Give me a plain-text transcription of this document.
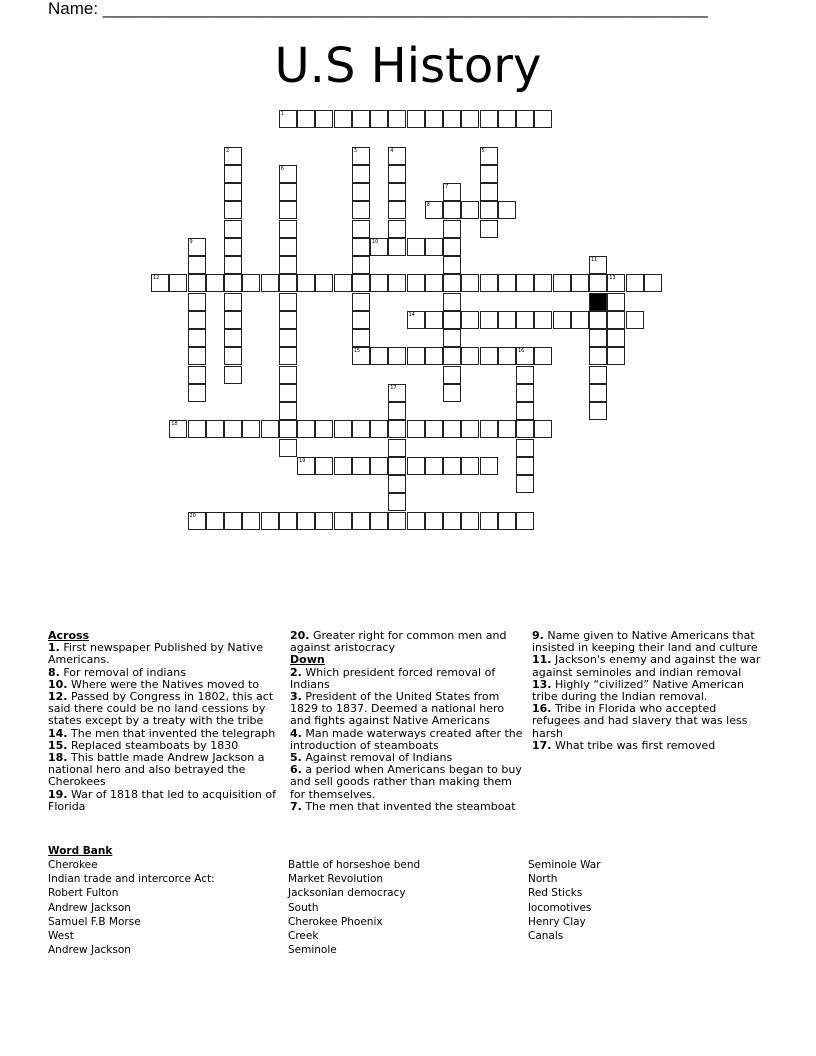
Name: ________________________________________________________________
U.S History
1
8
10
12	13
14
15	16
18
19
20
2	3	4	5
6
7
9
11
17
Across
1. First newspaper Published by Native Americans.
8. For removal of indians
10. Where were the Natives moved to
12. Passed by Congress in 1802, this act said there could be no land cessions by states except by a treaty with the tribe
14. The men that invented the telegraph
15. Replaced steamboats by 1830
18. This battle made Andrew Jackson a national hero and also betrayed the Cherokees
19. War of 1818 that led to acquisition of Florida
20. Greater right for common men and against aristocracy
Down
2. Which president forced removal of Indians
3. President of the United States from 1829 to 1837. Deemed a national hero and fights against Native Americans
4. Man made waterways created after the introduction of steamboats
5. Against removal of Indians
6. a period when Americans began to buy and sell goods rather than making them for themselves.
7. The men that invented the steamboat
9. Name given to Native Americans that insisted in keeping their land and culture
11. Jackson's enemy and against the war against seminoles and indian removal
13. Highly “civilized” Native American tribe during the Indian removal.
16. Tribe in Florida who accepted refugees and had slavery that was less harsh
17. What tribe was first removed
Word Bank
Cherokee
Indian trade and intercorce Act:
Robert Fulton
Andrew Jackson
Samuel F.B Morse
West
Andrew Jackson
Battle of horseshoe bend
Market Revolution
Jacksonian democracy
South
Cherokee Phoenix
Creek
Seminole
Seminole War
North
Red Sticks
locomotives
Henry Clay
Canals
